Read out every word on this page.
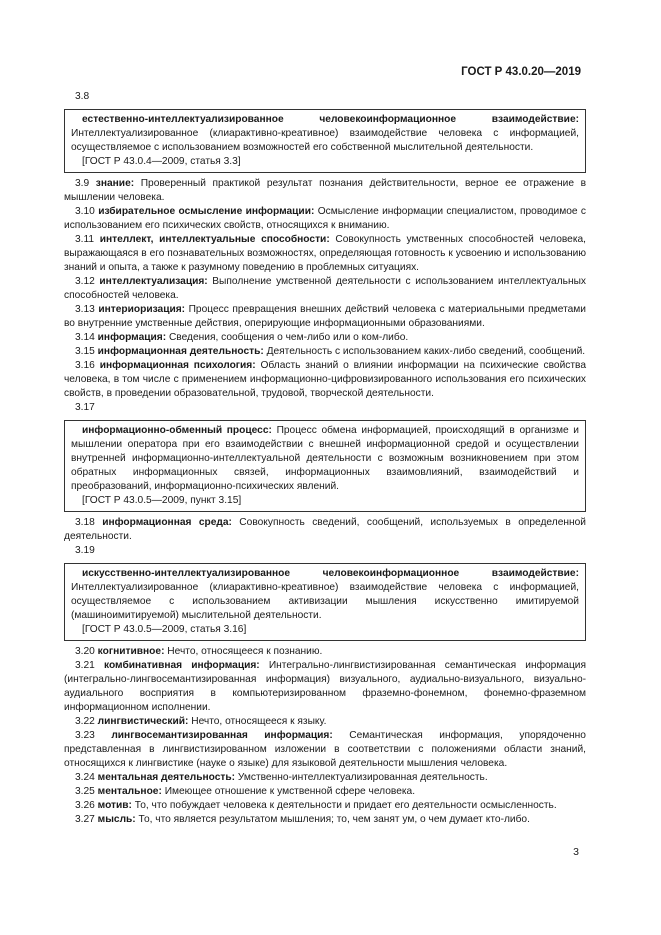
ГОСТ Р 43.0.20—2019

3.8

естественно-интеллектуализированное человекоинформационное взаимодействие: Интеллектуализированное (клиарактивно-креативное) взаимодействие человека с информацией, осуществляемое с использованием возможностей его собственной мыслительной деятельности.

[ГОСТ Р 43.0.4—2009, статья 3.3]

3.9 знание: Проверенный практикой результат познания действительности, верное ее отражение в мышлении человека.

3.10 избирательное осмысление информации: Осмысление информации специалистом, проводимое с использованием его психических свойств, относящихся к вниманию.

3.11 интеллект, интеллектуальные способности: Совокупность умственных способностей человека, выражающаяся в его познавательных возможностях, определяющая готовность к усвоению и использованию знаний и опыта, а также к разумному поведению в проблемных ситуациях.

3.12 интеллектуализация: Выполнение умственной деятельности с использованием интеллектуальных способностей человека.

3.13 интериоризация: Процесс превращения внешних действий человека с материальными предметами во внутренние умственные действия, оперирующие информационными образованиями.

3.14 информация: Сведения, сообщения о чем-либо или о ком-либо.

3.15 информационная деятельность: Деятельность с использованием каких-либо сведений, сообщений.

3.16 информационная психология: Область знаний о влиянии информации на психические свойства человека, в том числе с применением информационно-цифровизированного использования его психических свойств, в проведении образовательной, трудовой, творческой деятельности.

3.17

информационно-обменный процесс: Процесс обмена информацией, происходящий в организме и мышлении оператора при его взаимодействии с внешней информационной средой и осуществлении внутренней информационно-интеллектуальной деятельности с возможным возникновением при этом обратных информационных связей, информационных взаимовлияний, взаимодействий и преобразований, информационно-психических явлений.

[ГОСТ Р 43.0.5—2009, пункт 3.15]

3.18 информационная среда: Совокупность сведений, сообщений, используемых в определенной деятельности.

3.19

искусственно-интеллектуализированное человекоинформационное взаимодействие: Интеллектуализированное (клиарактивно-креативное) взаимодействие человека с информацией, осуществляемое с использованием активизации мышления искусственно имитируемой (машиноимитируемой) мыслительной деятельности.

[ГОСТ Р 43.0.5—2009, статья 3.16]

3.20 когнитивное: Нечто, относящееся к познанию.

3.21 комбинативная информация: Интегрально-лингвистизированная семантическая информация (интегрально-лингвосемантизированная информация) визуального, аудиально-визуального, визуально-аудиального восприятия в компьютеризированном фраземно-фонемном, фонемно-фраземном информационном исполнении.

3.22 лингвистический: Нечто, относящееся к языку.

3.23 лингвосемантизированная информация: Семантическая информация, упорядоченно представленная в лингвистизированном изложении в соответствии с положениями области знаний, относящихся к лингвистике (науке о языке) для языковой деятельности мышления человека.

3.24 ментальная деятельность: Умственно-интеллектуализированная деятельность.

3.25 ментальное: Имеющее отношение к умственной сфере человека.

3.26 мотив: То, что побуждает человека к деятельности и придает его деятельности осмысленность.

3.27 мысль: То, что является результатом мышления; то, чем занят ум, о чем думает кто-либо.

3
